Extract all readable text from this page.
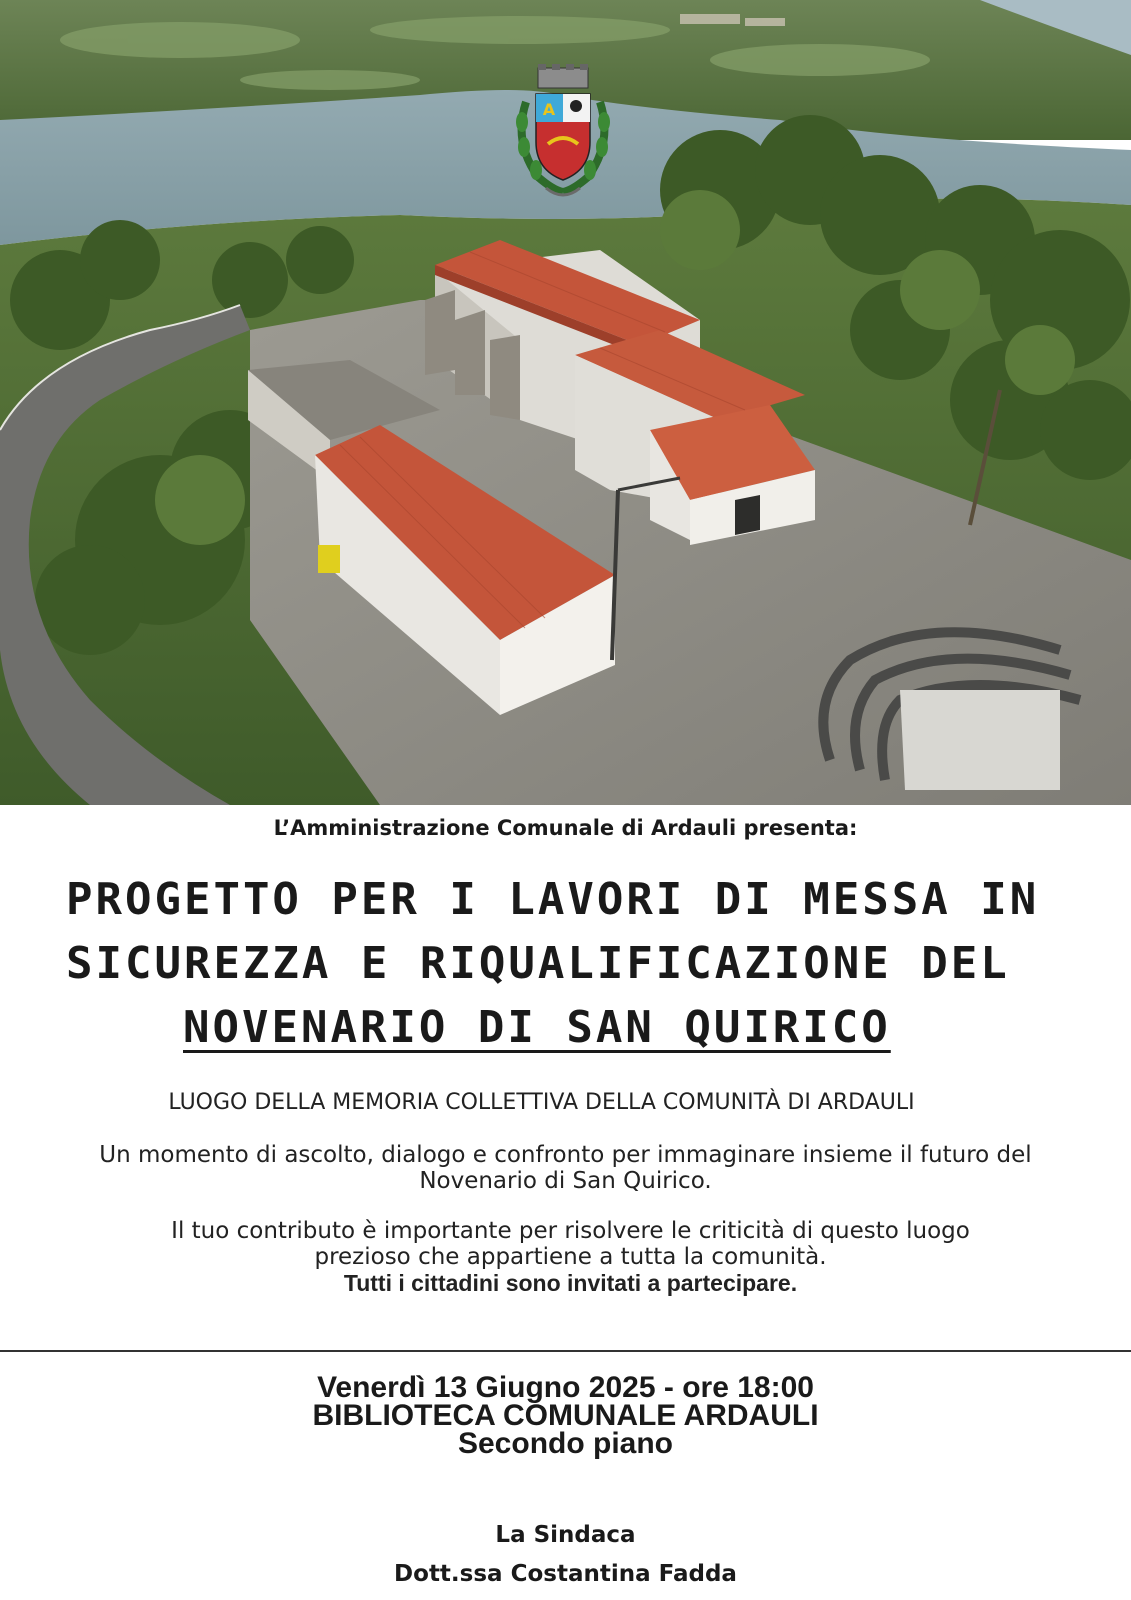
A
L’Amministrazione Comunale di Ardauli presenta:
PROGETTO PER I LAVORI DI MESSA IN
SICUREZZA E RIQUALIFICAZIONE DEL
NOVENARIO DI SAN QUIRICO
LUOGO DELLA MEMORIA COLLETTIVA DELLA COMUNITÀ DI ARDAULI
Un momento di ascolto, dialogo e confronto per immaginare insieme il futuro del
Novenario di San Quirico.
Il tuo contributo è importante per risolvere le criticità di questo luogo
prezioso che appartiene a tutta la comunità.
Tutti i cittadini sono invitati a partecipare.
Venerdì 13 Giugno 2025 - ore 18:00
BIBLIOTECA COMUNALE ARDAULI
Secondo piano
La Sindaca
Dott.ssa Costantina Fadda
